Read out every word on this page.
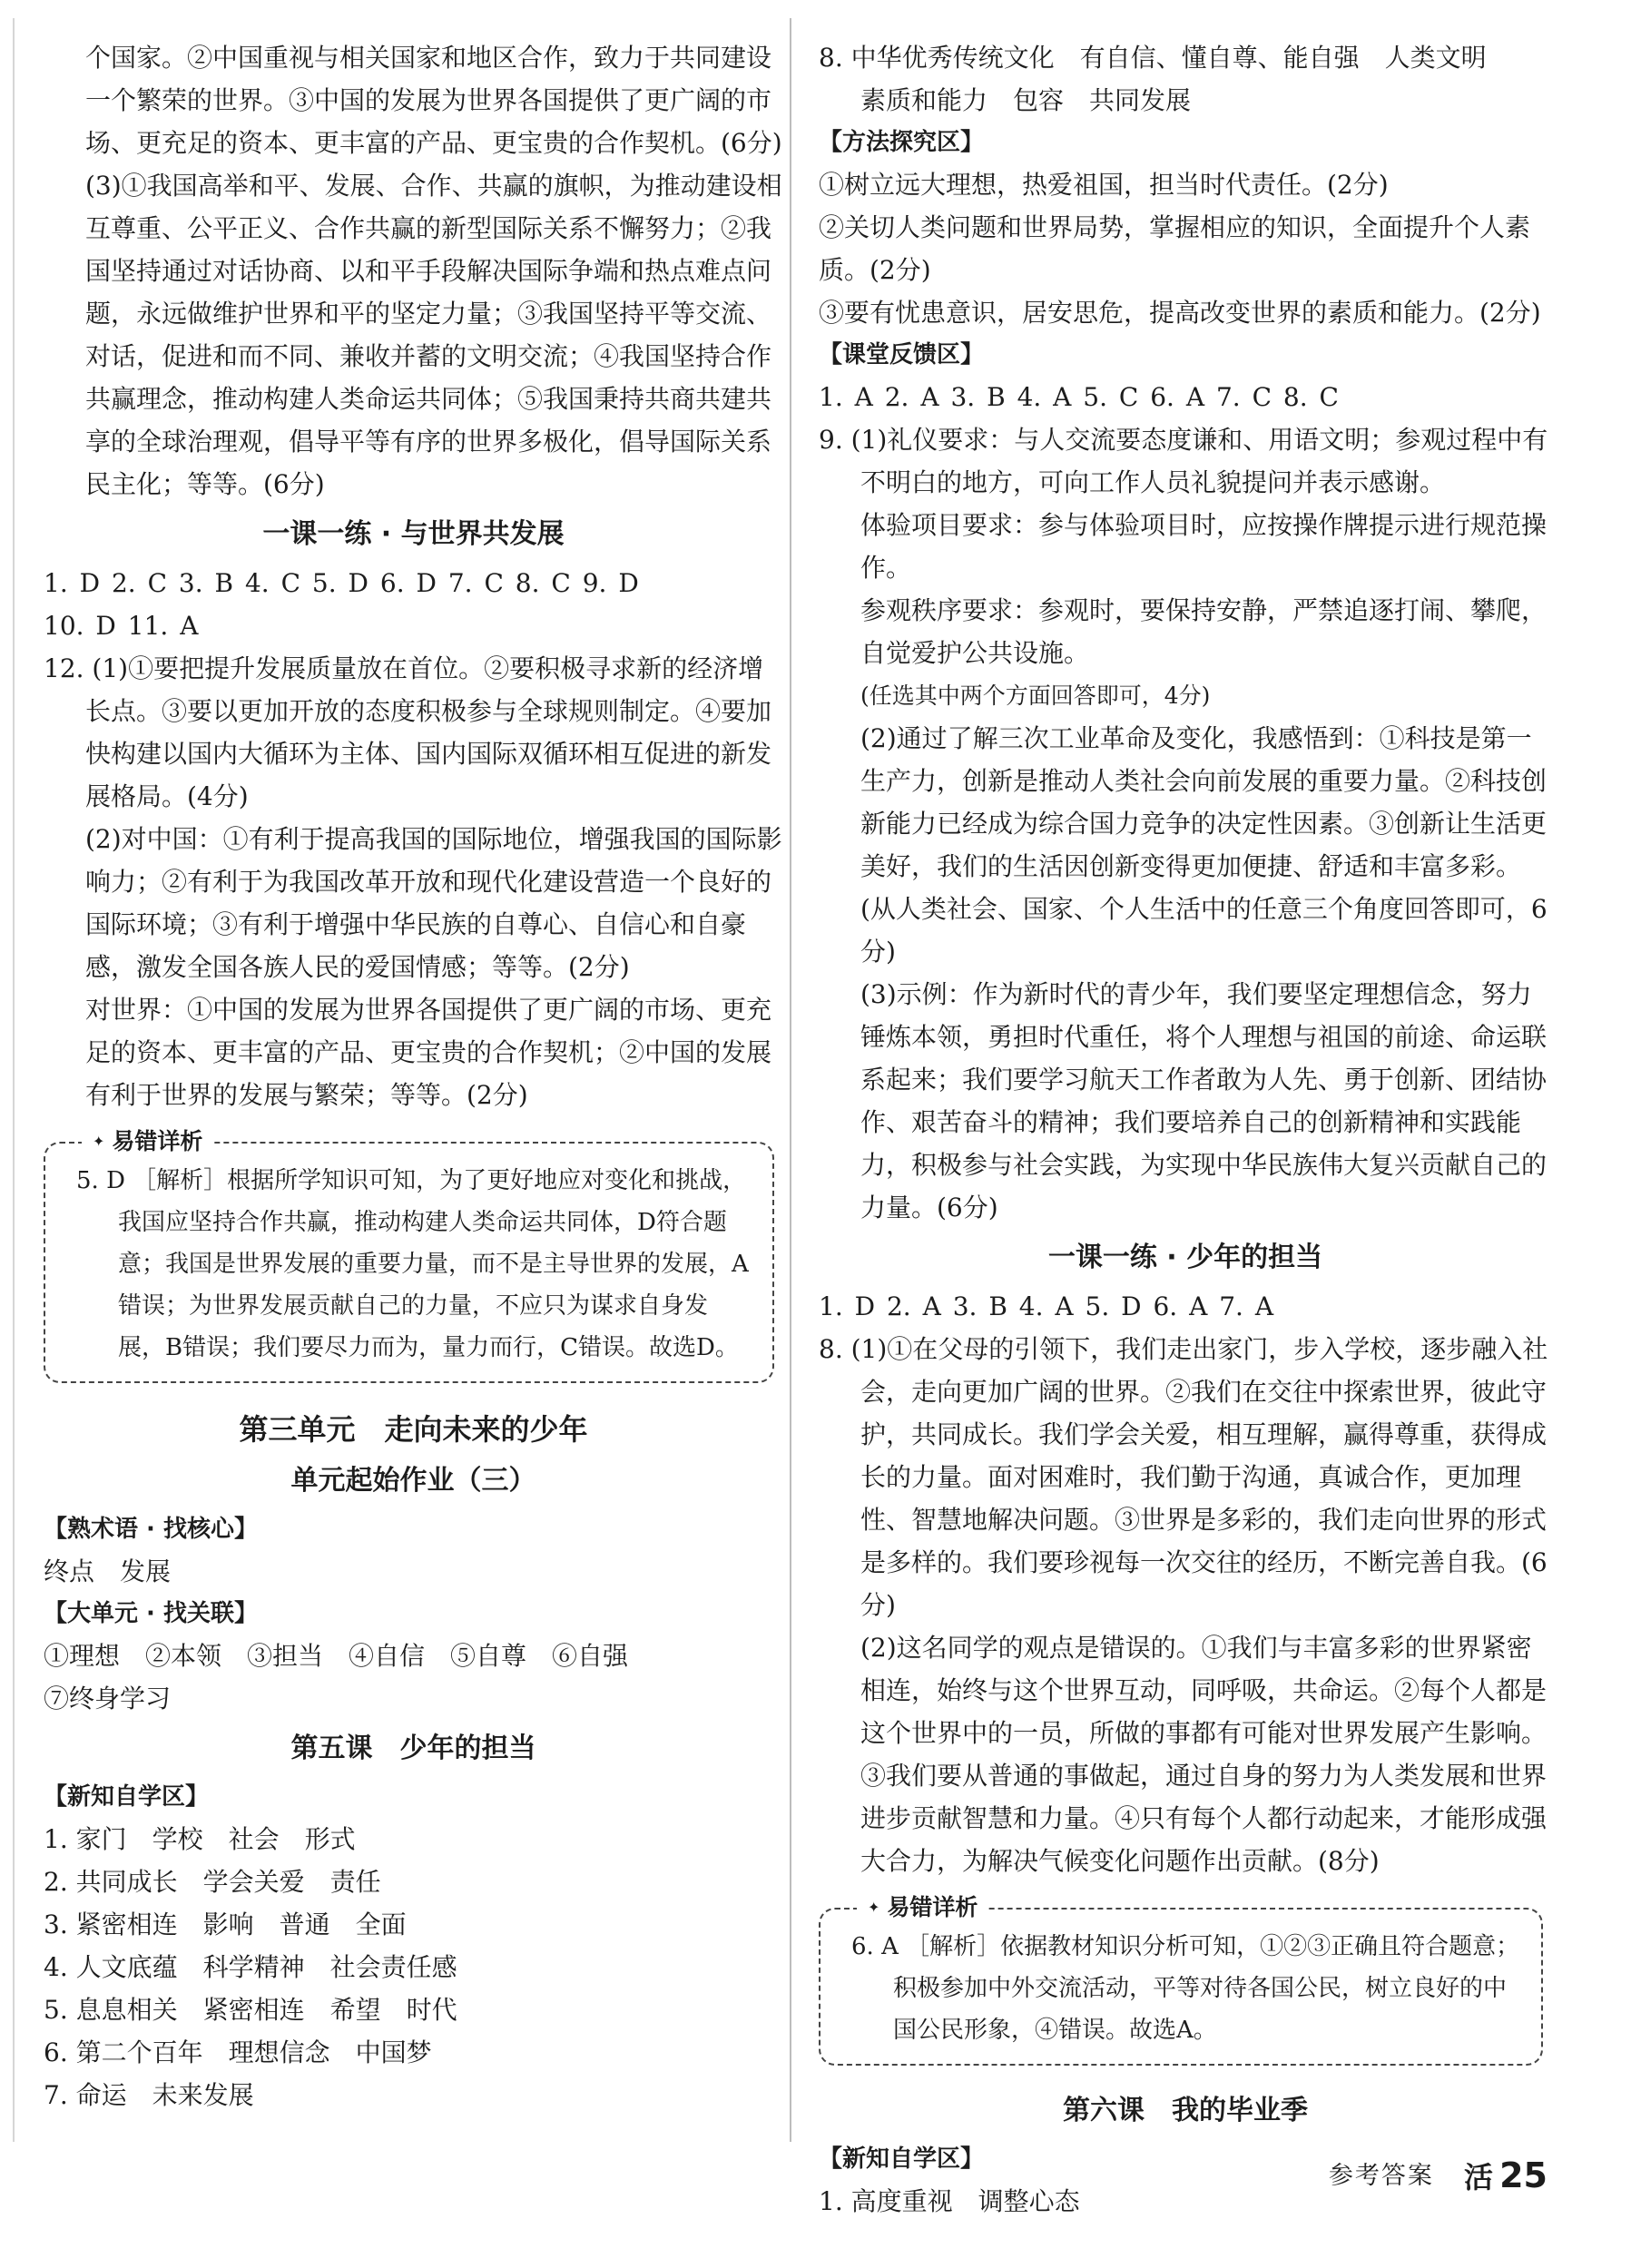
个国家。②中国重视与相关国家和地区合作，致力于共同建设一个繁荣的世界。③中国的发展为世界各国提供了更广阔的市场、更充足的资本、更丰富的产品、更宝贵的合作契机。(6分)

(3)①我国高举和平、发展、合作、共赢的旗帜，为推动建设相互尊重、公平正义、合作共赢的新型国际关系不懈努力；②我国坚持通过对话协商、以和平手段解决国际争端和热点难点问题，永远做维护世界和平的坚定力量；③我国坚持平等交流、对话，促进和而不同、兼收并蓄的文明交流；④我国坚持合作共赢理念，推动构建人类命运共同体；⑤我国秉持共商共建共享的全球治理观，倡导平等有序的世界多极化，倡导国际关系民主化；等等。(6分)

一课一练 · 与世界共发展

1. D 2. C 3. B 4. C 5. D 6. D 7. C 8. C 9. D

10. D 11. A

12. (1)①要把提升发展质量放在首位。②要积极寻求新的经济增长点。③要以更加开放的态度积极参与全球规则制定。④要加快构建以国内大循环为主体、国内国际双循环相互促进的新发展格局。(4分)

(2)对中国：①有利于提高我国的国际地位，增强我国的国际影响力；②有利于为我国改革开放和现代化建设营造一个良好的国际环境；③有利于增强中华民族的自尊心、自信心和自豪感，激发全国各族人民的爱国情感；等等。(2分)

对世界：①中国的发展为世界各国提供了更广阔的市场、更充足的资本、更丰富的产品、更宝贵的合作契机；②中国的发展有利于世界的发展与繁荣；等等。(2分)

✦ 易错详析

5. D ［解析］根据所学知识可知，为了更好地应对变化和挑战，我国应坚持合作共赢，推动构建人类命运共同体，D符合题意；我国是世界发展的重要力量，而不是主导世界的发展，A错误；为世界发展贡献自己的力量，不应只为谋求自身发展，B错误；我们要尽力而为，量力而行，C错误。故选D。

第三单元　走向未来的少年
单元起始作业（三）

【熟术语 · 找核心】

终点　发展

【大单元 · 找关联】

①理想　②本领　③担当　④自信　⑤自尊　⑥自强

⑦终身学习

第五课　少年的担当

【新知自学区】

1. 家门　学校　社会　形式

2. 共同成长　学会关爱　责任

3. 紧密相连　影响　普通　全面

4. 人文底蕴　科学精神　社会责任感

5. 息息相关　紧密相连　希望　时代

6. 第二个百年　理想信念　中国梦

7. 命运　未来发展

8. 中华优秀传统文化　有自信、懂自尊、能自强　人类文明

素质和能力　包容　共同发展

【方法探究区】

①树立远大理想，热爱祖国，担当时代责任。(2分)

②关切人类问题和世界局势，掌握相应的知识，全面提升个人素质。(2分)

③要有忧患意识，居安思危，提高改变世界的素质和能力。(2分)

【课堂反馈区】

1. A 2. A 3. B 4. A 5. C 6. A 7. C 8. C

9. (1)礼仪要求：与人交流要态度谦和、用语文明；参观过程中有不明白的地方，可向工作人员礼貌提问并表示感谢。

体验项目要求：参与体验项目时，应按操作牌提示进行规范操作。

参观秩序要求：参观时，要保持安静，严禁追逐打闹、攀爬，自觉爱护公共设施。

(任选其中两个方面回答即可，4分)

(2)通过了解三次工业革命及变化，我感悟到：①科技是第一生产力，创新是推动人类社会向前发展的重要力量。②科技创新能力已经成为综合国力竞争的决定性因素。③创新让生活更美好，我们的生活因创新变得更加便捷、舒适和丰富多彩。(从人类社会、国家、个人生活中的任意三个角度回答即可，6分)

(3)示例：作为新时代的青少年，我们要坚定理想信念，努力锤炼本领，勇担时代重任，将个人理想与祖国的前途、命运联系起来；我们要学习航天工作者敢为人先、勇于创新、团结协作、艰苦奋斗的精神；我们要培养自己的创新精神和实践能力，积极参与社会实践，为实现中华民族伟大复兴贡献自己的力量。(6分)

一课一练 · 少年的担当

1. D 2. A 3. B 4. A 5. D 6. A 7. A

8. (1)①在父母的引领下，我们走出家门，步入学校，逐步融入社会，走向更加广阔的世界。②我们在交往中探索世界，彼此守护，共同成长。我们学会关爱，相互理解，赢得尊重，获得成长的力量。面对困难时，我们勤于沟通，真诚合作，更加理性、智慧地解决问题。③世界是多彩的，我们走向世界的形式是多样的。我们要珍视每一次交往的经历，不断完善自我。(6分)

(2)这名同学的观点是错误的。①我们与丰富多彩的世界紧密相连，始终与这个世界互动，同呼吸，共命运。②每个人都是这个世界中的一员，所做的事都有可能对世界发展产生影响。③我们要从普通的事做起，通过自身的努力为人类发展和世界进步贡献智慧和力量。④只有每个人都行动起来，才能形成强大合力，为解决气候变化问题作出贡献。(8分)

✦ 易错详析

6. A ［解析］依据教材知识分析可知，①②③正确且符合题意；积极参加中外交流活动，平等对待各国公民，树立良好的中国公民形象，④错误。故选A。

第六课　我的毕业季

【新知自学区】

1. 高度重视　调整心态

参考答案 活 25
